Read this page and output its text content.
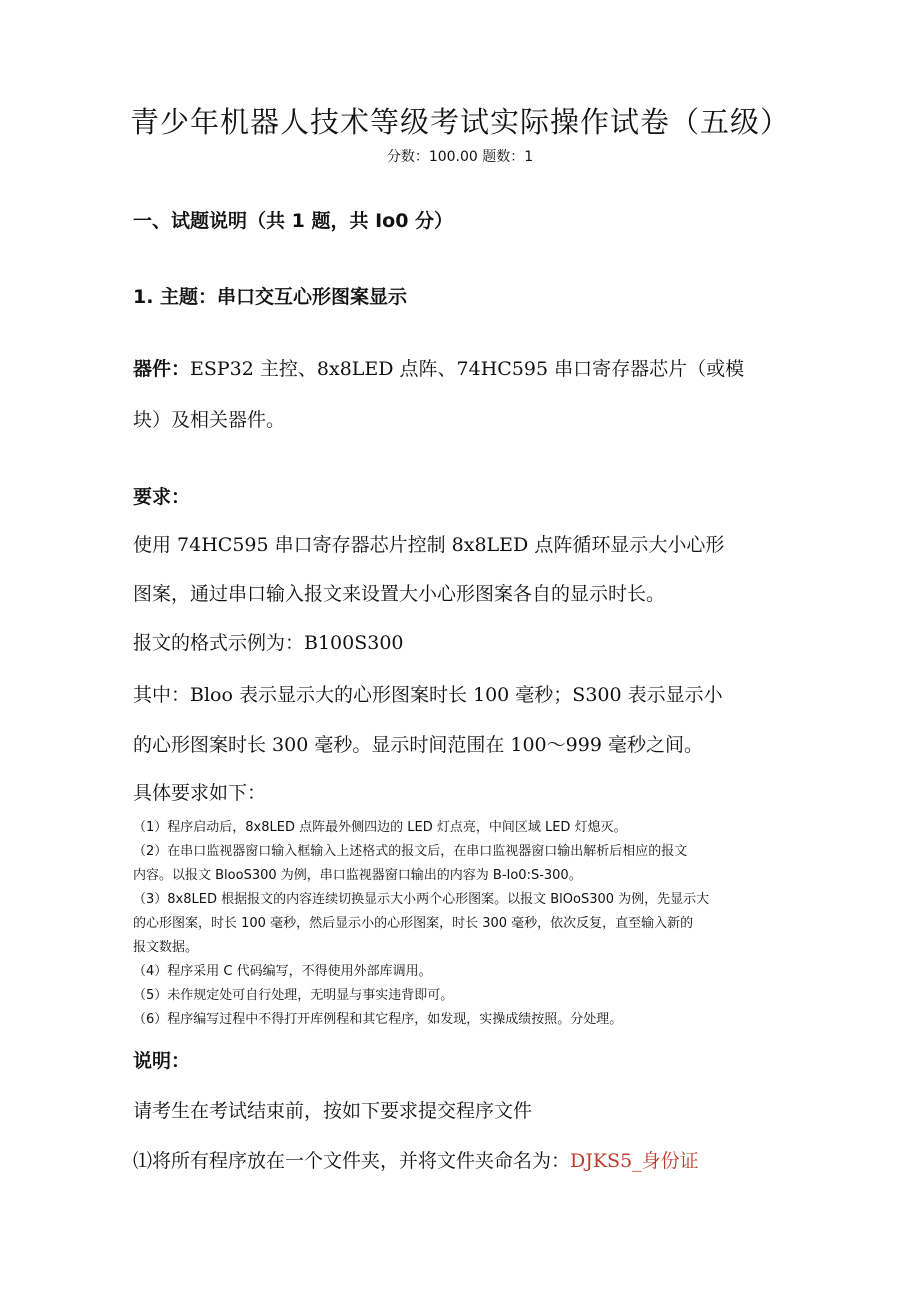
青少年机器人技术等级考试实际操作试卷（五级）
分数：100.00 题数：1
一、试题说明（共 1 题，共 Io0 分）
1. 主题：串口交互心形图案显示
器件：ESP32 主控、8x8LED 点阵、74HC595 串口寄存器芯片（或模
块）及相关器件。
要求：
使用 74HC595 串口寄存器芯片控制 8x8LED 点阵循环显示大小心形
图案，通过串口输入报文来设置大小心形图案各自的显示时长。
报文的格式示例为：B100S300
其中：Bloo 表示显示大的心形图案时长 100 毫秒；S300 表示显示小
的心形图案时长 300 毫秒。显示时间范围在 100～999 毫秒之间。
具体要求如下：
（1）程序启动后，8x8LED 点阵最外侧四边的 LED 灯点亮，中间区域 LED 灯熄灭。
（2）在串口监视器窗口输入框输入上述格式的报文后，在串口监视器窗口输出解析后相应的报文
内容。以报文 BlooS300 为例，串口监视器窗口输出的内容为 B-Io0:S-300。
（3）8x8LED 根据报文的内容连续切换显示大小两个心形图案。以报文 BlOoS300 为例，先显示大
的心形图案，时长 100 毫秒，然后显示小的心形图案，时长 300 毫秒，依次反复，直至输入新的
报文数据。
（4）程序采用 C 代码编写，不得使用外部库调用。
（5）未作规定处可自行处理，无明显与事实违背即可。
（6）程序编写过程中不得打开库例程和其它程序，如发现，实操成绩按照。分处理。
说明：
请考生在考试结束前，按如下要求提交程序文件
⑴将所有程序放在一个文件夹，并将文件夹命名为：DJKS5_身份证
